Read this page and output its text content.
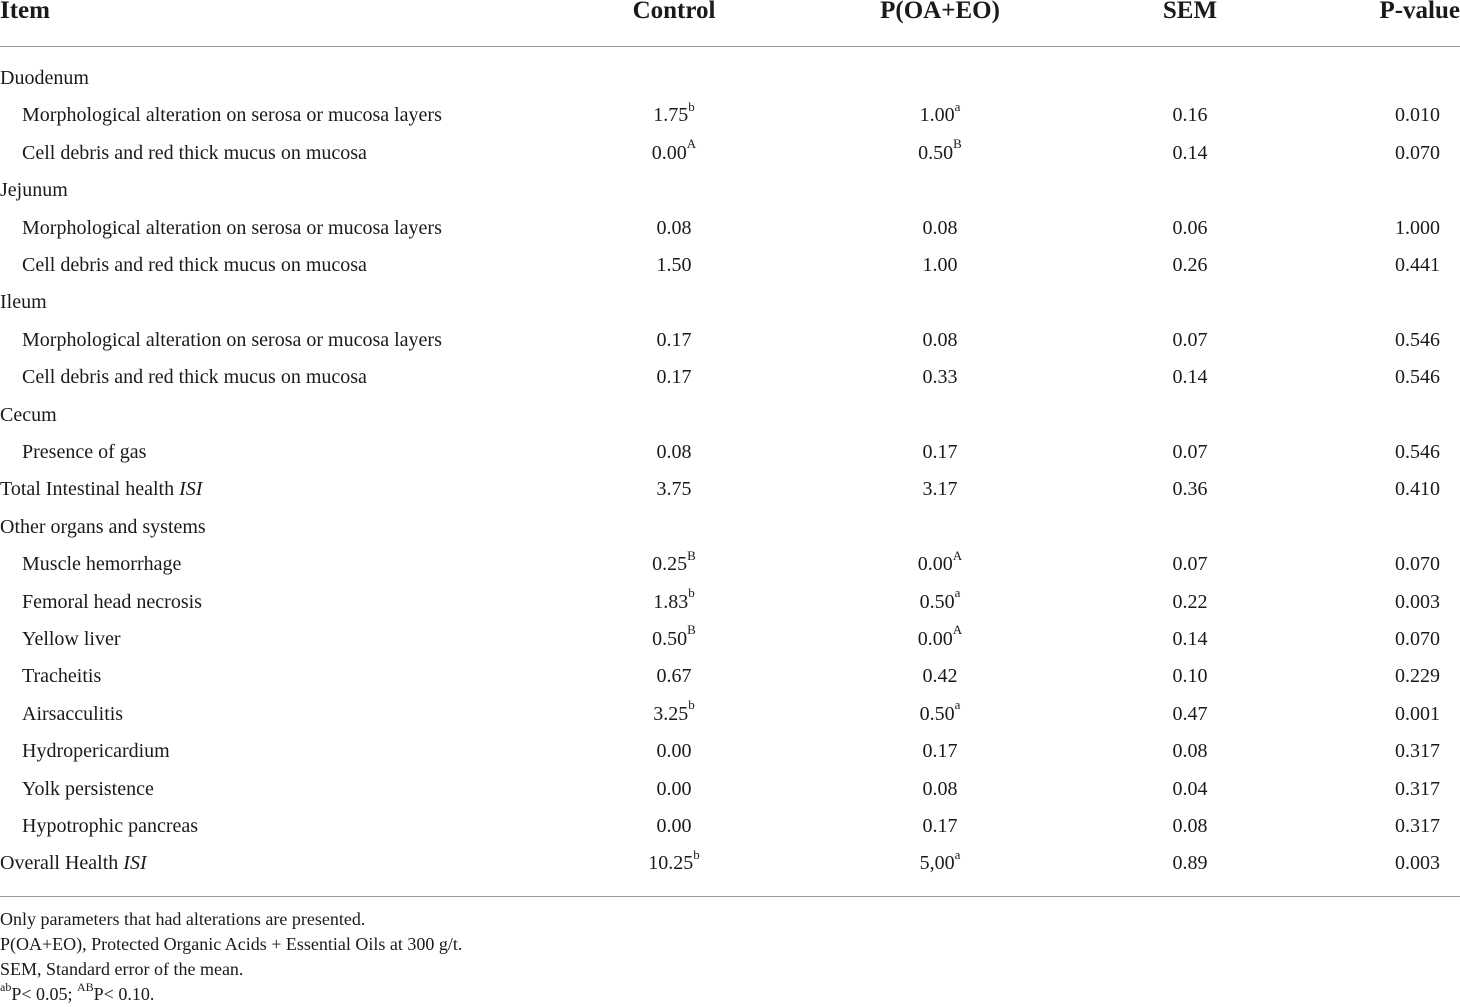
Item	Control	P(OA+EO)	SEM	P-value
Duodenum
Morphological alteration on serosa or mucosa layers	1.75$^b$	1.00$^a$	0.16	0.010
Cell debris and red thick mucus on mucosa	$0.00^A$	$0.50^B$	0.14	0.070
Jejunum
Morphological alteration on serosa or mucosa layers	0.08	0.08	0.06	1.000
Cell debris and red thick mucus on mucosa	1.50	1.00	0.26	0.441
Ileum
Morphological alteration on serosa or mucosa layers	0.17	0.08	0.07	0.546
Cell debris and red thick mucus on mucosa	0.17	0.33	0.14	0.546
Cecum
Presence of gas	0.08	0.17	0.07	0.546
Total Intestinal health ISI	3.75	3.17	0.36	0.410
Other organs and systems
Muscle hemorrhage	$0.25^B$	$0.00^A$	0.07	0.070
Femoral head necrosis	1.83$^b$	0.50$^a$	0.22	0.003
Yellow liver	$0.50^B$	$0.00^A$	0.14	0.070
Tracheitis	0.67	0.42	0.10	0.229
Airsacculitis	3.25$^b$	0.50$^a$	0.47	0.001
Hydropericardium	0.00	0.17	0.08	0.317
Yolk persistence	0.00	0.08	0.04	0.317
Hypotrophic pancreas	0.00	0.17	0.08	0.317
Overall Health ISI	10.25$^b$	5,00$^a$	0.89	0.003
Only parameters that had alterations are presented.
P(OA+EO), Protected Organic Acids + Essential Oils at 300 g/t.
SEM, Standard error of the mean.
$^{ab}$P< 0.05; $^{AB}$P< 0.10.
